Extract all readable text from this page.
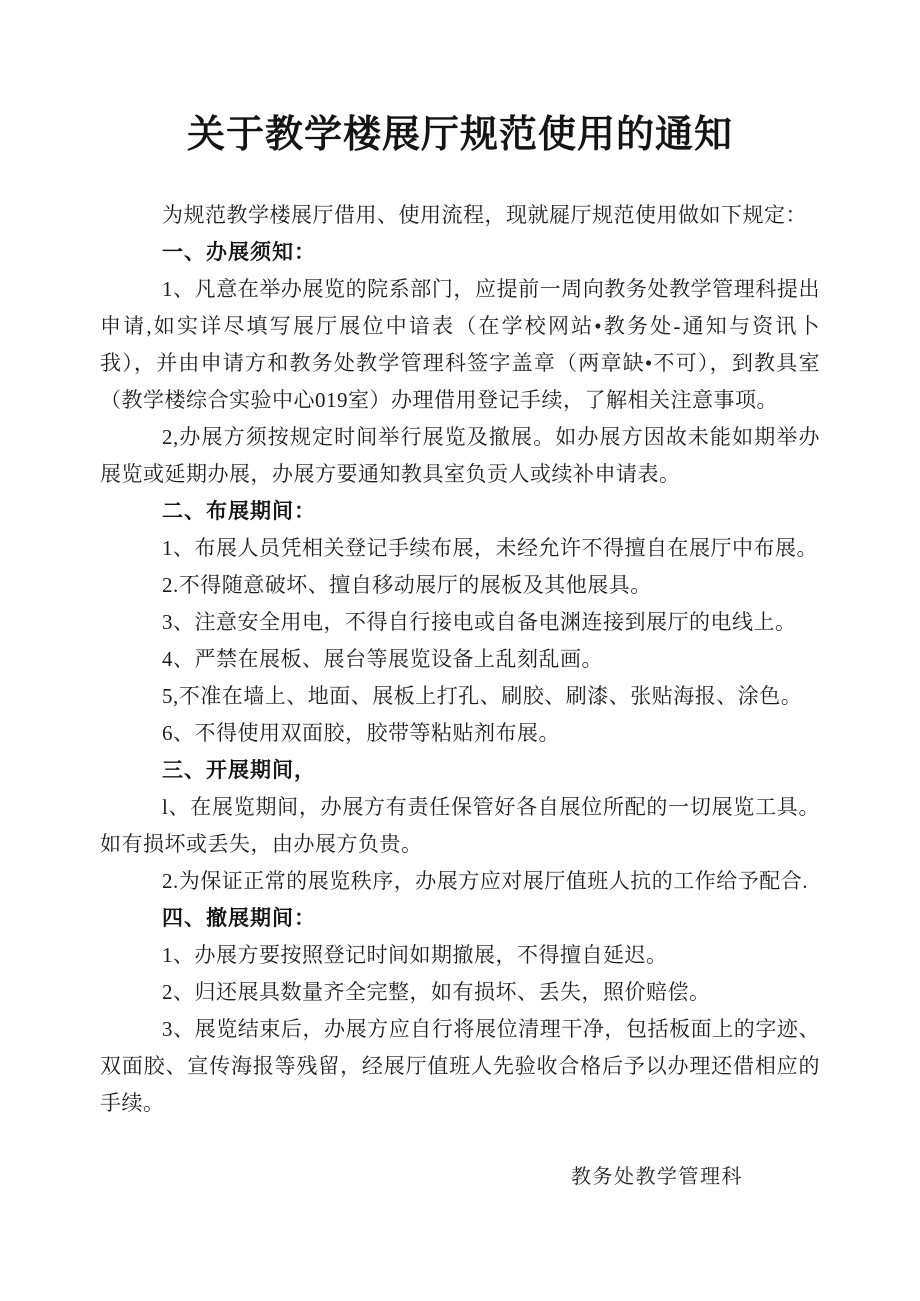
关于教学楼展厅规范使用的通知

为规范教学楼展厅借用、使用流程，现就屣厅规范使用做如下规定：

一、办展须知：

1、凡意在举办展览的院系部门，应提前一周向教务处教学管理科提出申请,如实详尽填写展厅展位中谙表（在学校网站•教务处-通知与资讯卜我），并由申请方和教务处教学管理科签字盖章（两章缺•不可），到教具室（教学楼综合实验中心019室）办理借用登记手续，了解相关注意事项。

2,办展方须按规定时间举行展览及撤展。如办展方因故未能如期举办展览或延期办展，办展方要通知教具室负贡人或续补申请表。

二、布展期间：

1、布展人员凭相关登记手续布展，未经允许不得擅自在展厅中布展。

2.不得随意破坏、擅自移动展厅的展板及其他展具。

3、注意安全用电，不得自行接电或自备电渊连接到展厅的电线上。

4、严禁在展板、展台等展览设备上乱刻乱画。

5,不准在墙上、地面、展板上打孔、刷胶、刷漆、张贴海报、涂色。

6、不得使用双面胶，胶带等粘贴剂布展。

三、开展期间，

l、在展览期间，办展方有责任保管好各自展位所配的一切展览工具。如有损坏或丢失，由办展方负贵。

2.为保证正常的展览秩序，办展方应对展厅值班人抗的工作给予配合.

四、撤展期间：

1、办展方要按照登记时间如期撤展，不得擅自延迟。

2、归还展具数量齐全完整，如有损坏、丢失，照价赔偿。

3、展览结束后，办展方应自行将展位清理干净，包括板面上的字迹、双面胶、宣传海报等残留，经展厅值班人先验收合格后予以办理还借相应的手续。

教务处教学管理科
